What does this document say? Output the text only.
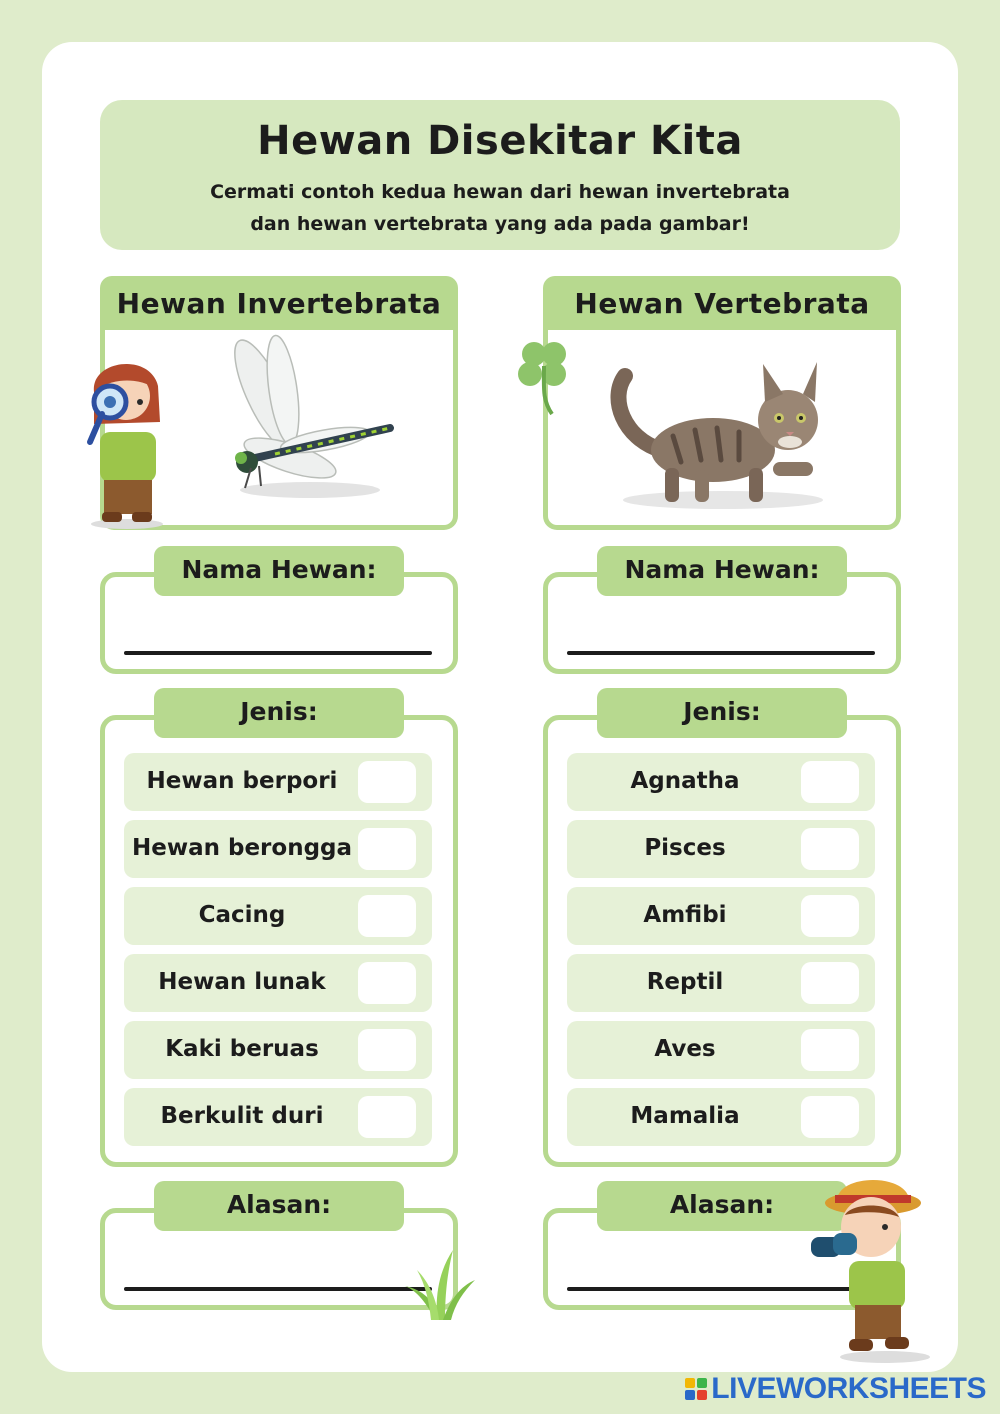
Hewan Disekitar Kita
Cermati contoh kedua hewan dari hewan invertebrata
dan hewan vertebrata yang ada pada gambar!
Hewan Invertebrata
Nama Hewan:
Jenis:
Hewan berpori
Hewan berongga
Cacing
Hewan lunak
Kaki beruas
Berkulit duri
Alasan:
Hewan Vertebrata
Nama Hewan:
Jenis:
Agnatha
Pisces
Amfibi
Reptil
Aves
Mamalia
Alasan:
LIVEWORKSHEETS
